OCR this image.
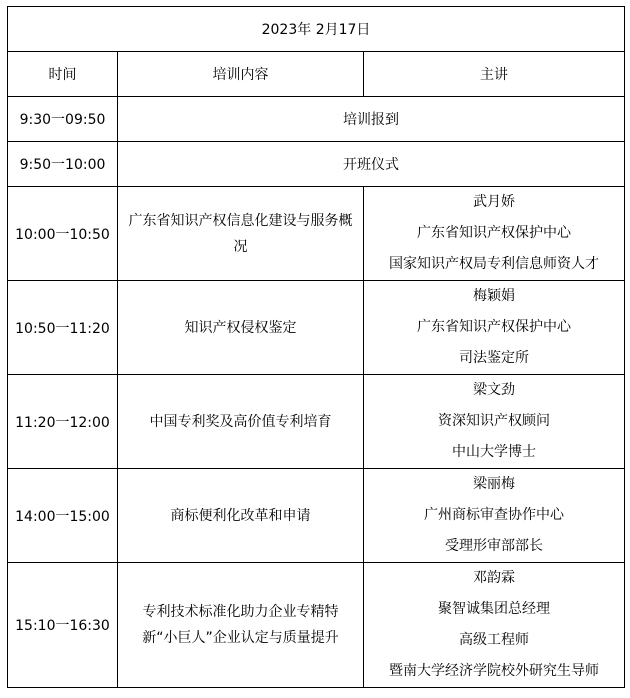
2023年 2月17日		
时间	培训内容	主讲
9:30一09:50	培训报到	
9:50一10:00	开班仪式	
10:00一10:50	广东省知识产权信息化建设与服务概况	武月娇
广东省知识产权保护中心
国家知识产权局专利信息师资人才

10:50一11:20	知识产权侵权鉴定	梅颖娟
广东省知识产权保护中心
司法鉴定所

11:20一12:00	中国专利奖及高价值专利培育	梁文劲
资深知识产权顾问
中山大学博士

14:00一15:00	商标便利化改革和申请	梁丽梅
广州商标审查协作中心
受理形审部部长

15:10一16:30	专利技术标准化助力企业专精特新“小巨人”企业认定与质量提升	邓韵霖
聚智诚集团总经理
高级工程师
暨南大学经济学院校外研究生导师
